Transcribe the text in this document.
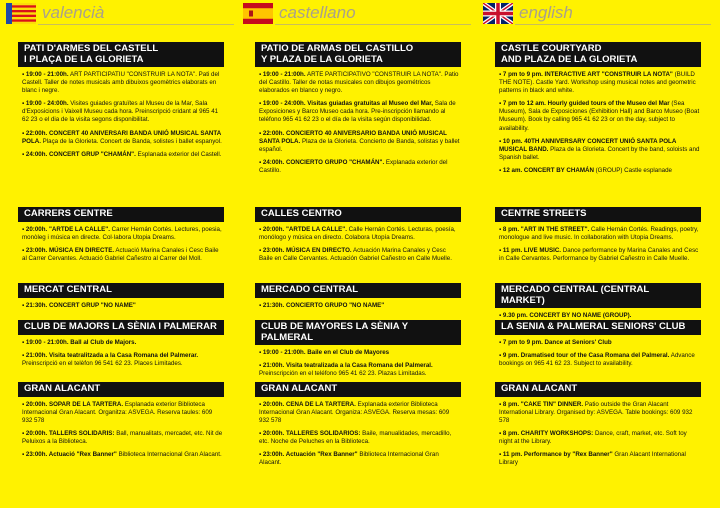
valencià
PATI D'ARMES DEL CASTELL
I PLAÇA DE LA GLORIETA
▪ 19:00 - 21:00h. ART PARTICIPATIU "CONSTRUIR LA NOTA". Pati del Castell. Taller de notes musicals amb dibuixos geomètrics elaborats en blanc i negre.
▪ 19:00 - 24:00h. Visites guiades gratuïtes al Museu de la Mar, Sala d'Exposicions i Vaixell Museu cada hora. Preinscripció cridant al 965 41 62 23 o el dia de la visita segons disponibilitat.
▪ 22:00h. CONCERT 40 ANIVERSARI BANDA UNIÓ MUSICAL SANTA POLA. Plaça de la Glorieta. Concert de Banda, solistes i ballet espanyol.
▪ 24:00h. CONCERT GRUP "CHAMÁN". Esplanada exterior del Castell.
CARRERS CENTRE
▪ 20:00h. "ARTDE LA CALLE". Carrer Hernán Cortés. Lectures, poesia, monòleg i música en directe. Col·labora Utopia Dreams.
▪ 23:00h. MÚSICA EN DIRECTE. Actuació Marina Canales i Cesc Baile al Carrer Cervantes. Actuació Gabriel Cañestro al Carrer del Moll.
MERCAT CENTRAL
▪ 21:30h. CONCERT GRUP "NO NAME"
CLUB DE MAJORS LA SÈNIA I PALMERAR
▪ 19:00 - 21:00h. Ball al Club de Majors.
▪ 21:00h. Visita teatralitzada a la Casa Romana del Palmerar. Preinscripció en el telèfon 96 541 62 23. Places Limitades.
GRAN ALACANT
▪ 20:00h. SOPAR DE LA TARTERA. Esplanada exterior Biblioteca Internacional Gran Alacant. Organitza: ASVEGA. Reserva taules: 609 932 578
▪ 20:00h. TALLERS SOLIDARIS: Ball, manualitats, mercadet, etc. Nit de Peluixos a la Biblioteca.
▪ 23:00h. Actuació "Rex Banner" Biblioteca Internacional Gran Alacant.
castellano
PATIO DE ARMAS DEL CASTILLO
Y PLAZA DE LA GLORIETA
▪ 19:00 - 21:00h. ARTE PARTICIPATIVO "CONSTRUIR LA NOTA". Patio del Castillo. Taller de notas musicales con dibujos geométricos elaborados en blanco y negro.
▪ 19:00 - 24:00h. Visitas guiadas gratuitas al Museo del Mar, Sala de Exposiciones y Barco Museo cada hora. Pre-inscripción llamando al teléfono 965 41 62 23 o el día de la visita según disponibilidad.
▪ 22:00h. CONCIERTO 40 ANIVERSARIO BANDA UNIÓ MUSICAL SANTA POLA. Plaza de la Glorieta. Concierto de Banda, solistas y ballet español.
▪ 24:00h. CONCIERTO GRUPO "CHAMÁN". Explanada exterior del Castillo.
CALLES CENTRO
▪ 20:00h. "ARTDE LA CALLE". Calle Hernán Cortés. Lecturas, poesía, monólogo y música en directo. Colabora Utopía Dreams.
▪ 23:00h. MÚSICA EN DIRECTO. Actuación Marina Canales y Cesc Baile en Calle Cervantes. Actuación Gabriel Cañestro en Calle Muelle.
MERCADO CENTRAL
▪ 21:30h. CONCIERTO GRUPO "NO NAME"
CLUB DE MAYORES LA SÈNIA Y PALMERAL
▪ 19:00 - 21:00h. Baile en el Club de Mayores
▪ 21:00h. Visita teatralizada a la Casa Romana del Palmeral. Preinscripción en el teléfono 965 41 62 23. Plazas Limitadas.
GRAN ALACANT
▪ 20:00h. CENA DE LA TARTERA. Explanada exterior Biblioteca Internacional Gran Alacant. Organiza: ASVEGA. Reserva mesas: 609 932 578
▪ 20:00h. TALLERES SOLIDARIOS: Baile, manualidades, mercadillo, etc. Noche de Peluches en la Biblioteca.
▪ 23:00h. Actuación "Rex Banner" Biblioteca Internacional Gran Alacant.
english
CASTLE COURTYARD
AND PLAZA DE LA GLORIETA
▪ 7 pm to 9 pm. INTERACTIVE ART "CONSTRUIR LA NOTA" (BUILD THE NOTE). Castle Yard. Workshop using musical notes and geometric patterns in black and white.
▪ 7 pm to 12 am. Hourly guided tours of the Museo del Mar (Sea Museum), Sala de Exposiciones (Exhibition Hall) and Barco Museo (Boat Museum). Book by calling 965 41 62 23 or on the day, subject to availability.
▪ 10 pm. 40TH ANNIVERSARY CONCERT UNIÓ SANTA POLA MUSICAL BAND. Plaza de la Glorieta. Concert by the band, soloists and Spanish ballet.
▪ 12 am. CONCERT BY CHAMÁN (GROUP) Castle esplanade
CENTRE STREETS
▪ 8 pm. "ART IN THE STREET". Calle Hernán Cortés. Readings, poetry, monologue and live music. In collaboration with Utopia Dreams.
▪ 11 pm. LIVE MUSIC. Dance performance by Marina Canales and Cesc in Calle Cervantes. Performance by Gabriel Cañestro in Calle Muelle.
MERCADO CENTRAL (CENTRAL MARKET)
▪ 9.30 pm. CONCERT BY NO NAME (GROUP).
LA SENIA & PALMERAL SENIORS' CLUB
▪ 7 pm to 9 pm. Dance at Seniors' Club
▪ 9 pm. Dramatised tour of the Casa Romana del Palmeral. Advance bookings on 965 41 62 23. Subject to availability.
GRAN ALACANT
▪ 8 pm. "CAKE TIN" DINNER. Patio outside the Gran Alacant International Library. Organised by: ASVEGA. Table bookings: 609 932 578
▪ 8 pm. CHARITY WORKSHOPS: Dance, craft, market, etc. Soft toy night at the Library.
▪ 11 pm. Performance by "Rex Banner" Gran Alacant International Library
